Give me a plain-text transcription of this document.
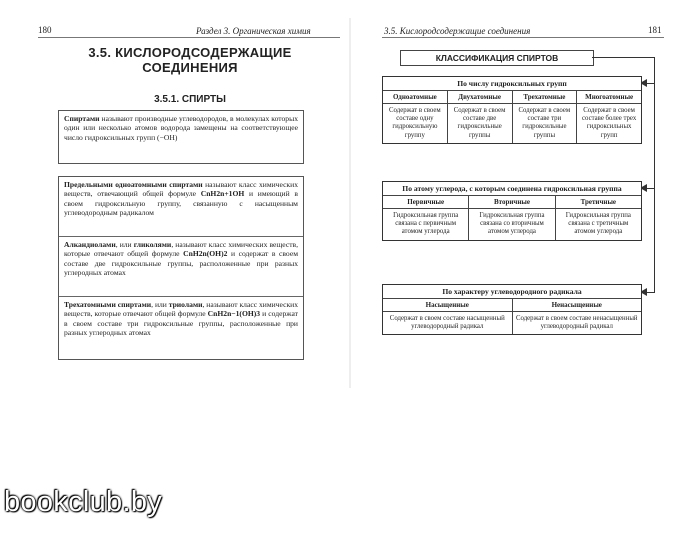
180	Раздел 3. Органическая химия
3.5. КИСЛОРОДСОДЕРЖАЩИЕ
СОЕДИНЕНИЯ
3.5.1. СПИРТЫ
Спиртами называют производные углеводородов, в молекулах которых один или несколько атомов водорода замещены на соответствующее число гидроксильных групп (−ОН)
Предельными одноатомными спиртами называют класс химических веществ, отвечающий общей формуле CnH2n+1OH и имеющий в своем гидроксильную группу, связанную с насыщенным углеводородным радикалом
Алкандиолами, или гликолями, называют класс химических веществ, которые отвечают общей формуле CnH2n(OH)2 и содержат в своем составе две гидроксильные группы, расположенные при разных углеродных атомах
Трехатомными спиртами, или триолами, называют класс химических веществ, которые отвечают общей формуле CnH2n−1(OH)3 и содержат в своем составе три гидроксильные группы, расположенные при разных углеродных атомах
3.5. Кислородсодержащие соединения	181
КЛАССИФИКАЦИЯ СПИРТОВ
По числу гидроксильных групп
Одноатомные
Содержат в своем составе одну гидроксильную группу
Двухатомные
Содержат в своем составе две гидроксильные группы
Трехатомные
Содержат в своем составе три гидроксильные группы
Многоатомные
Содержат в своем составе более трех гидроксильных групп
По атому углерода, с которым соединена гидроксильная группа
Первичные
Гидроксильная группа связана с первичным атомом углерода
Вторичные
Гидроксильная группа связана со вторичным атомом углерода
Третичные
Гидроксильная группа связана с третичным атомом углерода
По характеру углеводородного радикала
Насыщенные
Содержат в своем составе насыщенный углеводородный радикал
Ненасыщенные
Содержат в своем составе ненасыщенный углеводородный радикал
bookclub.by
